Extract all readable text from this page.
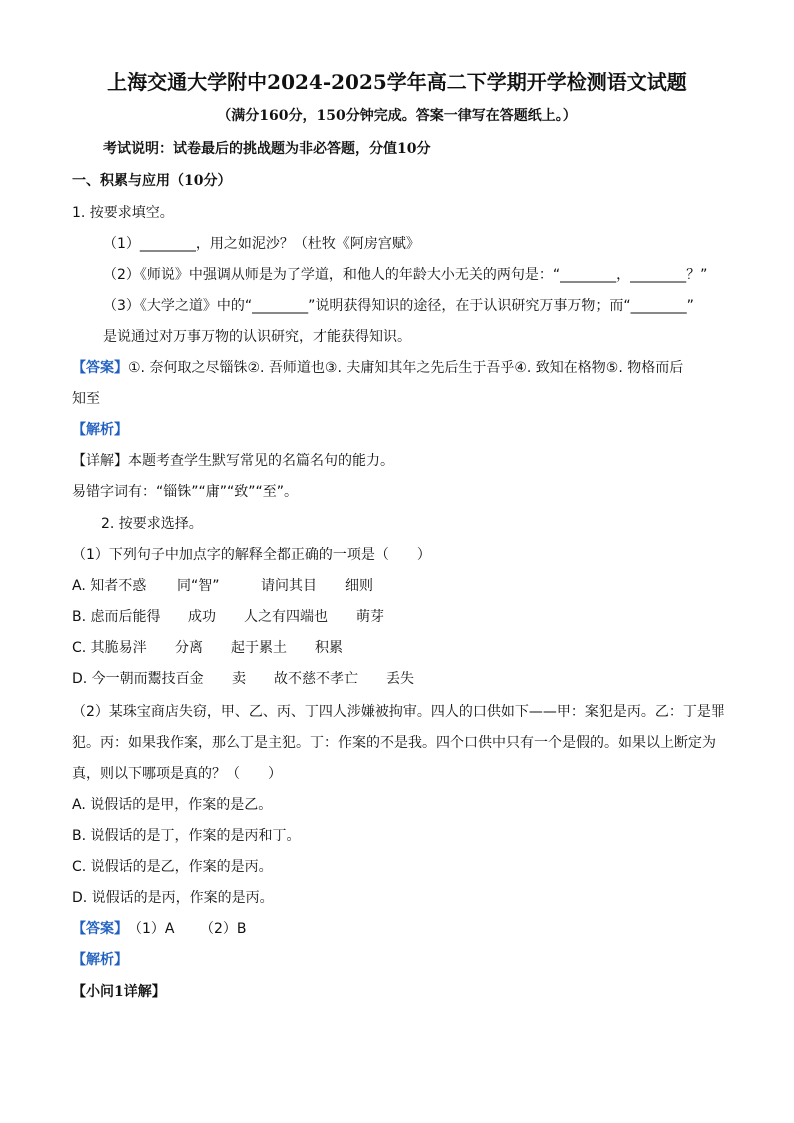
上海交通大学附中2024-2025学年高二下学期开学检测语文试题
（满分160分，150分钟完成。答案一律写在答题纸上。）
考试说明：试卷最后的挑战题为非必答题，分值10分
一、积累与应用（10分）
1. 按要求填空。
（1）________，用之如泥沙？（杜牧《阿房宫赋》
（2）《师说》中强调从师是为了学道，和他人的年龄大小无关的两句是：“________，________？”
（3）《大学之道》中的“________”说明获得知识的途径，在于认识研究万事万物；而“________”
是说通过对万事万物的认识研究，才能获得知识。
【答案】①. 奈何取之尽锱铢②. 吾师道也③. 夫庸知其年之先后生于吾乎④. 致知在格物⑤. 物格而后
知至
【解析】
【详解】本题考查学生默写常见的名篇名句的能力。
易错字词有：“锱铢”“庸”“致”“至”。
2. 按要求选择。
（1）下列句子中加点字的解释全都正确的一项是（　　）
A. 知者不惑 同“智”	请问其目 细则
B. 虑而后能得 成功 人之有四端也 萌芽
C. 其脆易泮 分离 起于累土 积累
D. 今一朝而鬻技百金 卖 故不慈不孝亡 丢失
（2）某珠宝商店失窃，甲、乙、丙、丁四人涉嫌被拘审。四人的口供如下——甲：案犯是丙。乙：丁是罪
犯。丙：如果我作案，那么丁是主犯。丁：作案的不是我。四个口供中只有一个是假的。如果以上断定为
真，则以下哪项是真的？（　　）
A. 说假话的是甲，作案的是乙。
B. 说假话的是丁，作案的是丙和丁。
C. 说假话的是乙，作案的是丙。
D. 说假话的是丙，作案的是丙。
【答案】（1）A （2）B
【解析】
【小问1详解】
